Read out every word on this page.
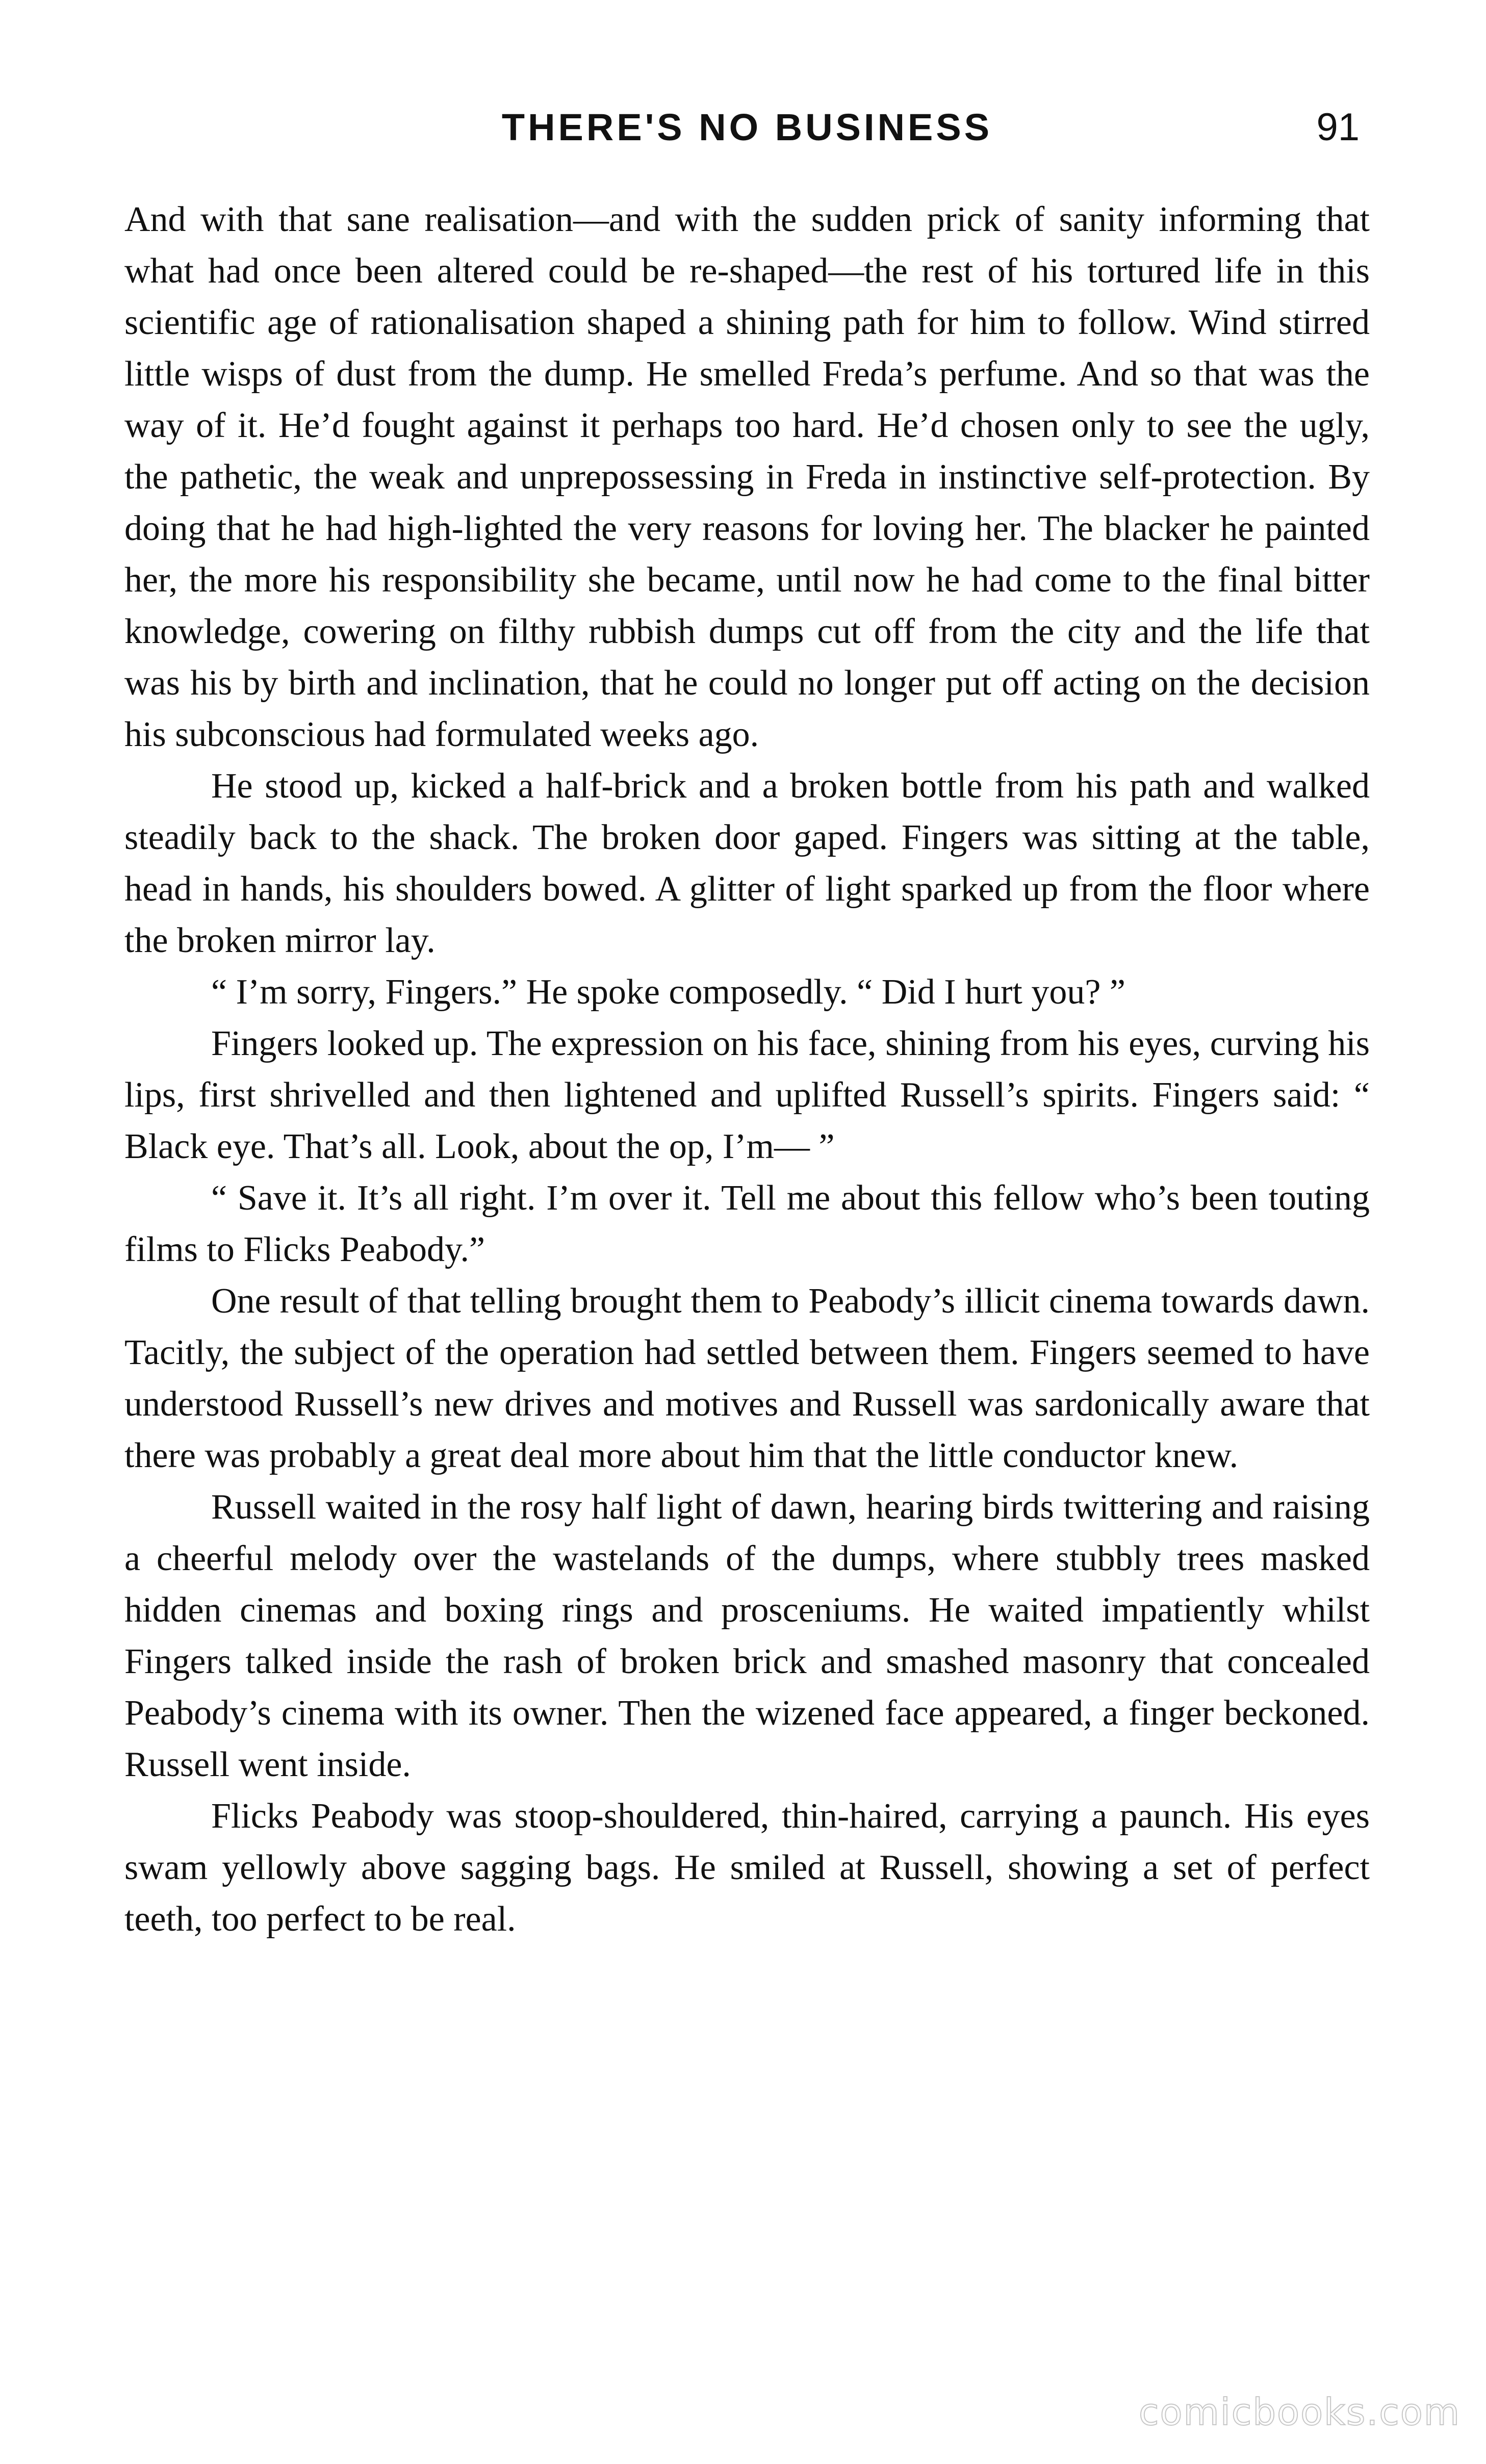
THERE'S NO BUSINESS	91

And with that sane realisation—and with the sudden prick of sanity informing that what had once been altered could be re-shaped—the rest of his tortured life in this scientific age of rationalisation shaped a shining path for him to follow. Wind stirred little wisps of dust from the dump. He smelled Freda’s perfume. And so that was the way of it. He’d fought against it perhaps too hard. He’d chosen only to see the ugly, the pathetic, the weak and unprepossessing in Freda in instinctive self-protection. By doing that he had high-lighted the very reasons for loving her. The blacker he painted her, the more his responsibility she became, until now he had come to the final bitter knowledge, cowering on filthy rubbish dumps cut off from the city and the life that was his by birth and inclination, that he could no longer put off acting on the decision his subconscious had formulated weeks ago.

He stood up, kicked a half-brick and a broken bottle from his path and walked steadily back to the shack. The broken door gaped. Fingers was sitting at the table, head in hands, his shoulders bowed. A glitter of light sparked up from the floor where the broken mirror lay.

“ I’m sorry, Fingers.” He spoke composedly. “ Did I hurt you? ”

Fingers looked up. The expression on his face, shining from his eyes, curving his lips, first shrivelled and then lightened and uplifted Russell’s spirits. Fingers said: “ Black eye. That’s all. Look, about the op, I’m— ”

“ Save it. It’s all right. I’m over it. Tell me about this fellow who’s been touting films to Flicks Peabody.”

One result of that telling brought them to Peabody’s illicit cinema towards dawn. Tacitly, the subject of the operation had settled between them. Fingers seemed to have understood Russell’s new drives and motives and Russell was sardonically aware that there was probably a great deal more about him that the little conductor knew.

Russell waited in the rosy half light of dawn, hearing birds twittering and raising a cheerful melody over the wastelands of the dumps, where stubbly trees masked hidden cinemas and boxing rings and prosceniums. He waited impatiently whilst Fingers talked inside the rash of broken brick and smashed masonry that concealed Peabody’s cinema with its owner. Then the wizened face appeared, a finger beckoned. Russell went inside.

Flicks Peabody was stoop-shouldered, thin-haired, carrying a paunch. His eyes swam yellowly above sagging bags. He smiled at Russell, showing a set of perfect teeth, too perfect to be real.

comicbooks.com
